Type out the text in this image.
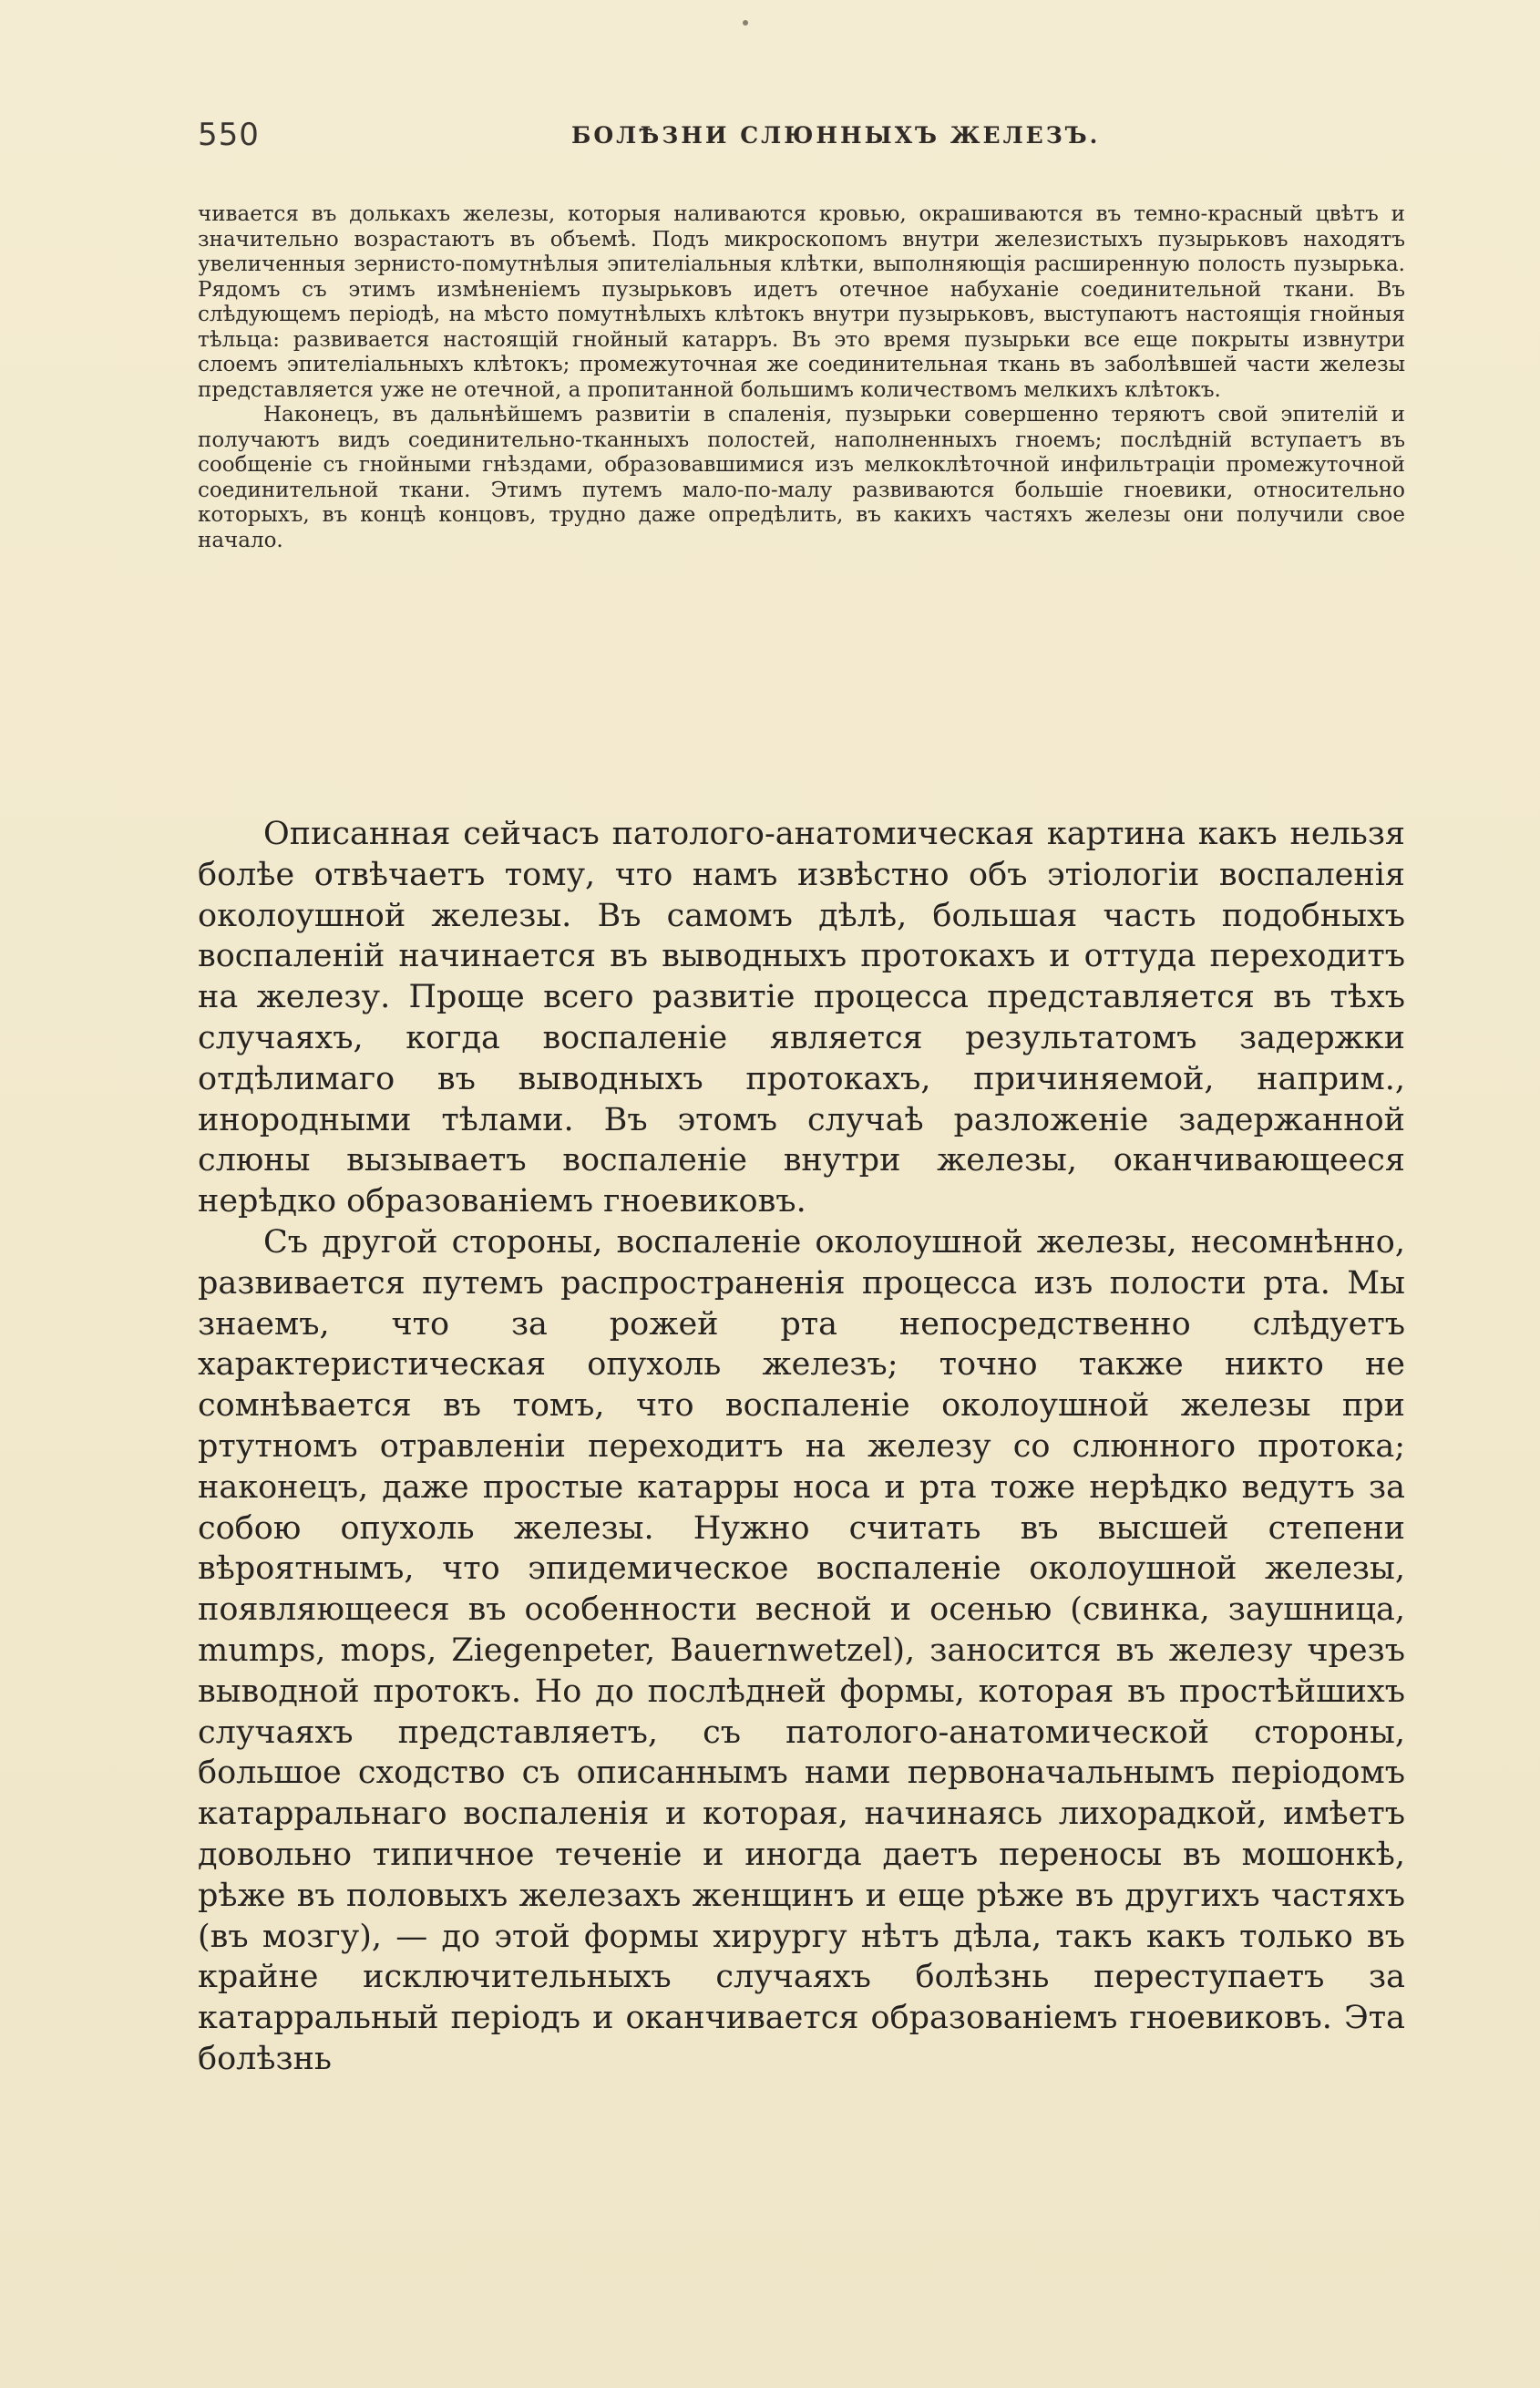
550	БОЛѢЗНИ СЛЮННЫХЪ ЖЕЛЕЗЪ.

чивается въ долькахъ железы, которыя наливаются кровью, окрашиваются въ темно-красный цвѣтъ и значительно возрастаютъ въ объемѣ. Подъ микроскопомъ внутри железистыхъ пузырьковъ находятъ увеличенныя зернисто-помутнѣлыя эпителіальныя клѣтки, выполняющія расширенную полость пузырька. Рядомъ съ этимъ измѣненіемъ пузырьковъ идетъ отечное набуханіе соединительной ткани. Въ слѣдующемъ періодѣ, на мѣсто помутнѣлыхъ клѣтокъ внутри пузырьковъ, выступаютъ настоящія гнойныя тѣльца: развивается настоящій гнойный катарръ. Въ это время пузырьки все еще покрыты извнутри слоемъ эпителіальныхъ клѣтокъ; промежуточная же соединительная ткань въ заболѣвшей части железы представляется уже не отечной, а пропитанной большимъ количествомъ мелкихъ клѣтокъ.

Наконецъ, въ дальнѣйшемъ развитіи в спаленія, пузырьки совершенно теряютъ свой эпителій и получаютъ видъ соединительно-тканныхъ полостей, наполненныхъ гноемъ; послѣдній вступаетъ въ сообщеніе съ гнойными гнѣздами, образовавшимися изъ мелкоклѣточной инфильтраціи промежуточной соединительной ткани. Этимъ путемъ мало-по-малу развиваются большіе гноевики, относительно которыхъ, въ концѣ концовъ, трудно даже опредѣлить, въ какихъ частяхъ железы они получили свое начало.

Описанная сейчасъ патолого-анатомическая картина какъ нельзя болѣе отвѣчаетъ тому, что намъ извѣстно объ этіологіи воспаленія околоушной железы. Въ самомъ дѣлѣ, большая часть подобныхъ воспаленій начинается въ выводныхъ протокахъ и оттуда переходитъ на железу. Проще всего развитіе процесса представляется въ тѣхъ случаяхъ, когда воспаленіе является результатомъ задержки отдѣлимаго въ выводныхъ протокахъ, причиняемой, наприм., инородными тѣлами. Въ этомъ случаѣ разложеніе задержанной слюны вызываетъ воспаленіе внутри железы, оканчивающееся нерѣдко образованіемъ гноевиковъ.

Съ другой стороны, воспаленіе околоушной железы, несомнѣнно, развивается путемъ распространенія процесса изъ полости рта. Мы знаемъ, что за рожей рта непосредственно слѣдуетъ характеристическая опухоль железъ; точно также никто не сомнѣвается въ томъ, что воспаленіе околоушной железы при ртутномъ отравленіи переходитъ на железу со слюнного протока; наконецъ, даже простые катарры носа и рта тоже нерѣдко ведутъ за собою опухоль железы. Нужно считать въ высшей степени вѣроятнымъ, что эпидемическое воспаленіе околоушной железы, появляющееся въ особенности весной и осенью (свинка, заушница, mumps, mops, Ziegenpeter, Bauernwetzel), заносится въ железу чрезъ выводной протокъ. Но до послѣдней формы, которая въ простѣйшихъ случаяхъ представляетъ, съ патолого-анатомической стороны, большое сходство съ описаннымъ нами первоначальнымъ періодомъ катарральнаго воспаленія и которая, начинаясь лихорадкой, имѣетъ довольно типичное теченіе и иногда даетъ переносы въ мошонкѣ, рѣже въ половыхъ железахъ женщинъ и еще рѣже въ другихъ частяхъ (въ мозгу), — до этой формы хирургу нѣтъ дѣла, такъ какъ только въ крайне исключительныхъ случаяхъ болѣзнь переступаетъ за катарральный періодъ и оканчивается образованіемъ гноевиковъ. Эта болѣзнь
